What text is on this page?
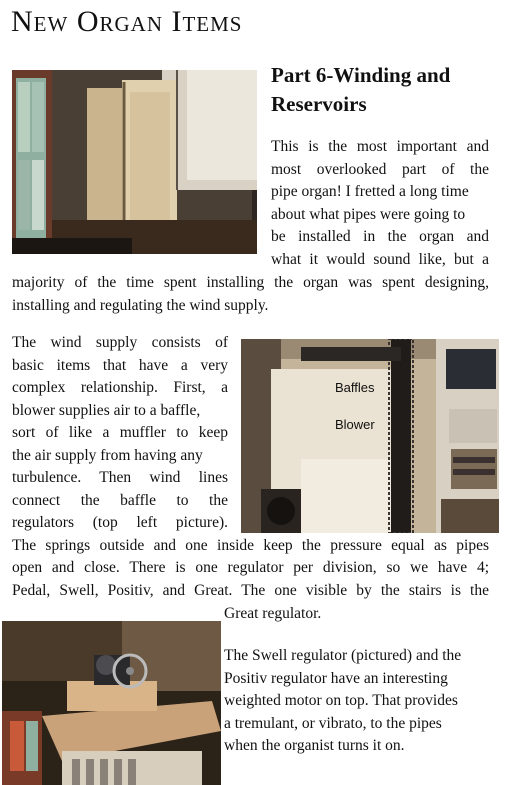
New Organ Items
Part 6-Winding and Reservoirs

This is the most important and

most overlooked part of the

pipe organ! I fretted a long time

about what pipes were going to

be installed in the organ and

what it would sound like, but a

majority of the time spent installing the organ was spent designing,

installing and regulating the wind supply.

Baffles
Blower

The wind supply consists of

basic items that have a very

complex relationship. First, a

blower supplies air to a baffle,

sort of like a muffler to keep

the air supply from having any

turbulence. Then wind lines

connect the baffle to the

regulators (top left picture).

The springs outside and one inside keep the pressure equal as pipes

open and close. There is one regulator per division, so we have 4;

Pedal, Swell, Positiv, and Great. The one visible by the stairs is the

Great regulator.

The Swell regulator (pictured) and the

Positiv regulator have an interesting

weighted motor on top. That provides

a tremulant, or vibrato, to the pipes

when the organist turns it on.
